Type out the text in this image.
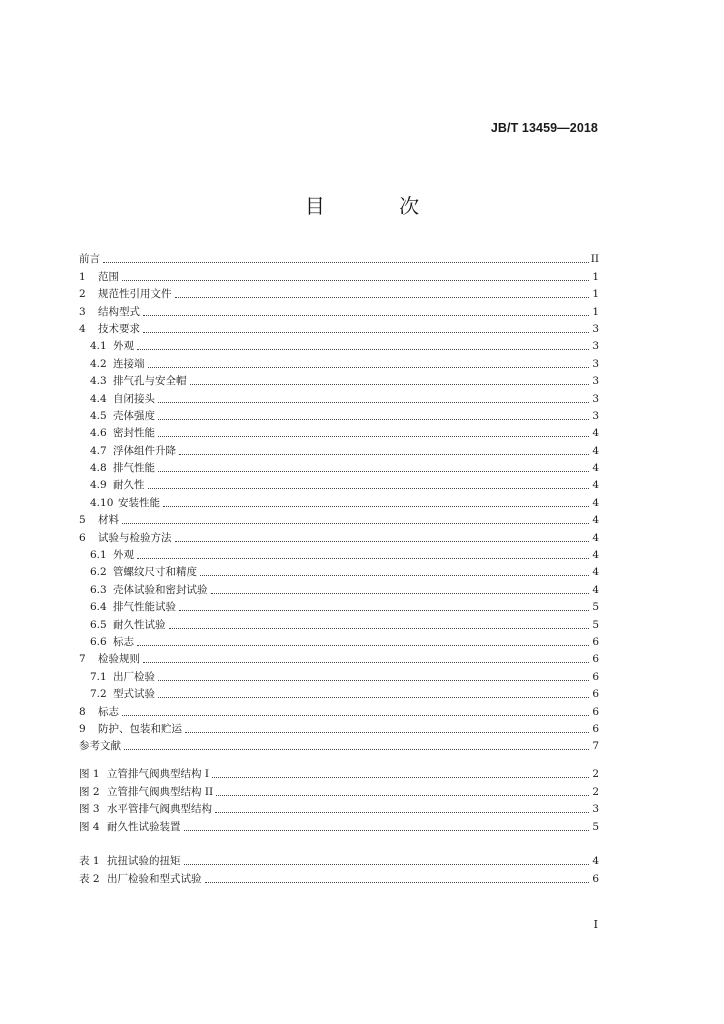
JB/T 13459—2018
目 次
前言	II
1	范围	1
2	规范性引用文件	1
3	结构型式	1
4	技术要求	3
4.1 外观	3
4.2 连接端	3
4.3 排气孔与安全帽	3
4.4 自闭接头	3
4.5 壳体强度	3
4.6 密封性能	4
4.7 浮体组件升降	4
4.8 排气性能	4
4.9 耐久性	4
4.10 安装性能	4
5	材料	4
6	试验与检验方法	4
6.1 外观	4
6.2 管螺纹尺寸和精度	4
6.3 壳体试验和密封试验	4
6.4 排气性能试验	5
6.5 耐久性试验	5
6.6 标志	6
7	检验规则	6
7.1 出厂检验	6
7.2 型式试验	6
8	标志	6
9	防护、包装和贮运	6
参考文献	7
图 1 立管排气阀典型结构 I	2
图 2 立管排气阀典型结构 II	2
图 3 水平管排气阀典型结构	3
图 4 耐久性试验装置	5
表 1 抗扭试验的扭矩	4
表 2 出厂检验和型式试验	6
I
